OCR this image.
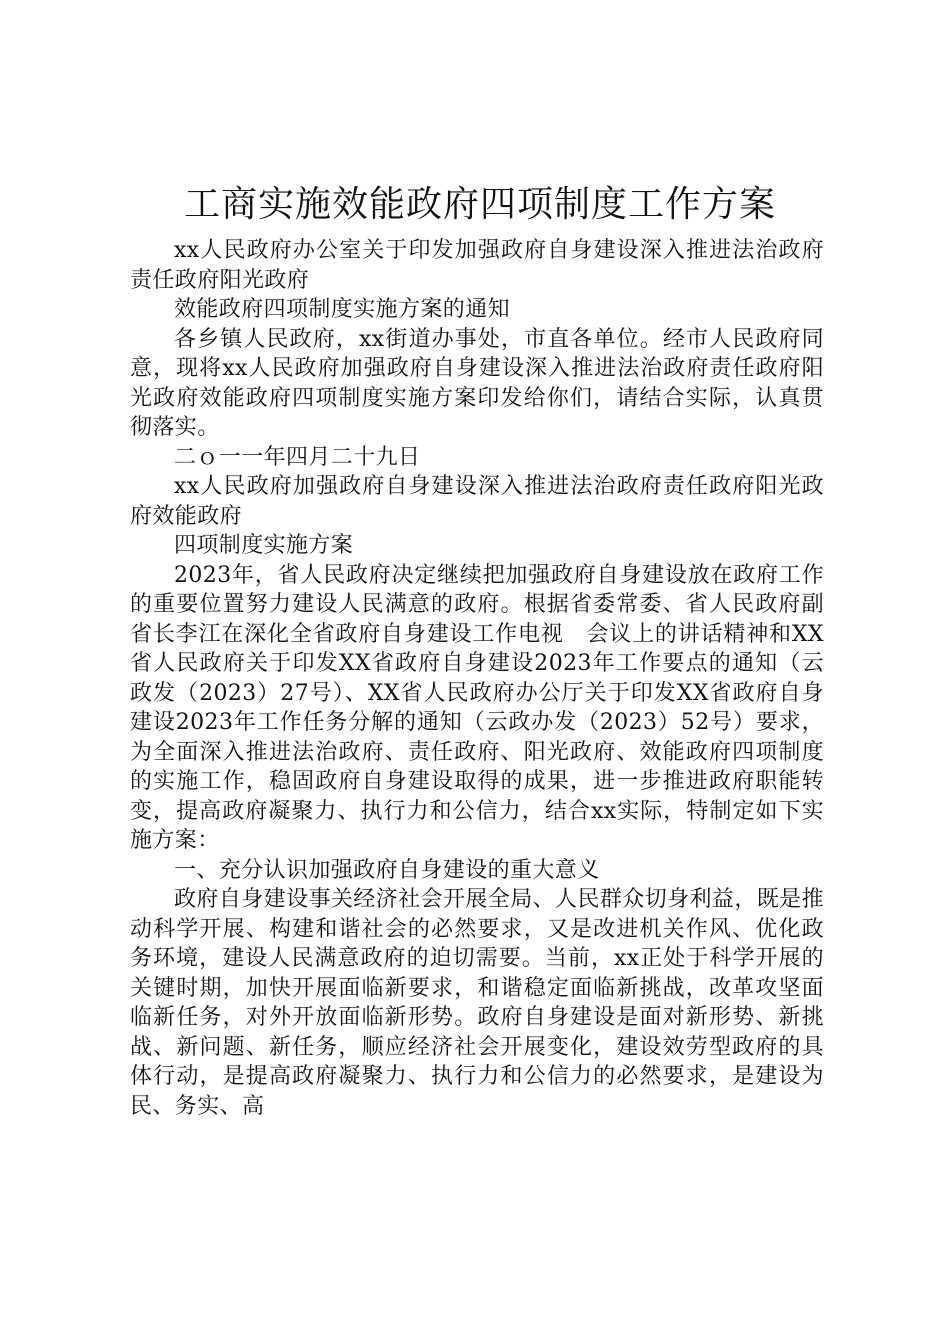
工商实施效能政府四项制度工作方案

xx人民政府办公室关于印发加强政府自身建设深入推进法治政府责任政府阳光政府

效能政府四项制度实施方案的通知

各乡镇人民政府，xx街道办事处，市直各单位。经市人民政府同意，现将xx人民政府加强政府自身建设深入推进法治政府责任政府阳光政府效能政府四项制度实施方案印发给你们，请结合实际，认真贯彻落实。

二ｏ一一年四月二十九日

xx人民政府加强政府自身建设深入推进法治政府责任政府阳光政府效能政府

四项制度实施方案

2023年，省人民政府决定继续把加强政府自身建设放在政府工作的重要位置努力建设人民满意的政府。根据省委常委、省人民政府副省长李江在深化全省政府自身建设工作电视　会议上的讲话精神和XX省人民政府关于印发XX省政府自身建设2023年工作要点的通知（云政发（2023）27号）、XX省人民政府办公厅关于印发XX省政府自身建设2023年工作任务分解的通知（云政办发（2023）52号）要求，为全面深入推进法治政府、责任政府、阳光政府、效能政府四项制度的实施工作，稳固政府自身建设取得的成果，进一步推进政府职能转变，提高政府凝聚力、执行力和公信力，结合xx实际，特制定如下实施方案：

一、充分认识加强政府自身建设的重大意义

政府自身建设事关经济社会开展全局、人民群众切身利益，既是推动科学开展、构建和谐社会的必然要求，又是改进机关作风、优化政务环境，建设人民满意政府的迫切需要。当前，xx正处于科学开展的关键时期，加快开展面临新要求，和谐稳定面临新挑战，改革攻坚面临新任务，对外开放面临新形势。政府自身建设是面对新形势、新挑战、新问题、新任务，顺应经济社会开展变化，建设效劳型政府的具体行动，是提高政府凝聚力、执行力和公信力的必然要求，是建设为民、务实、高
